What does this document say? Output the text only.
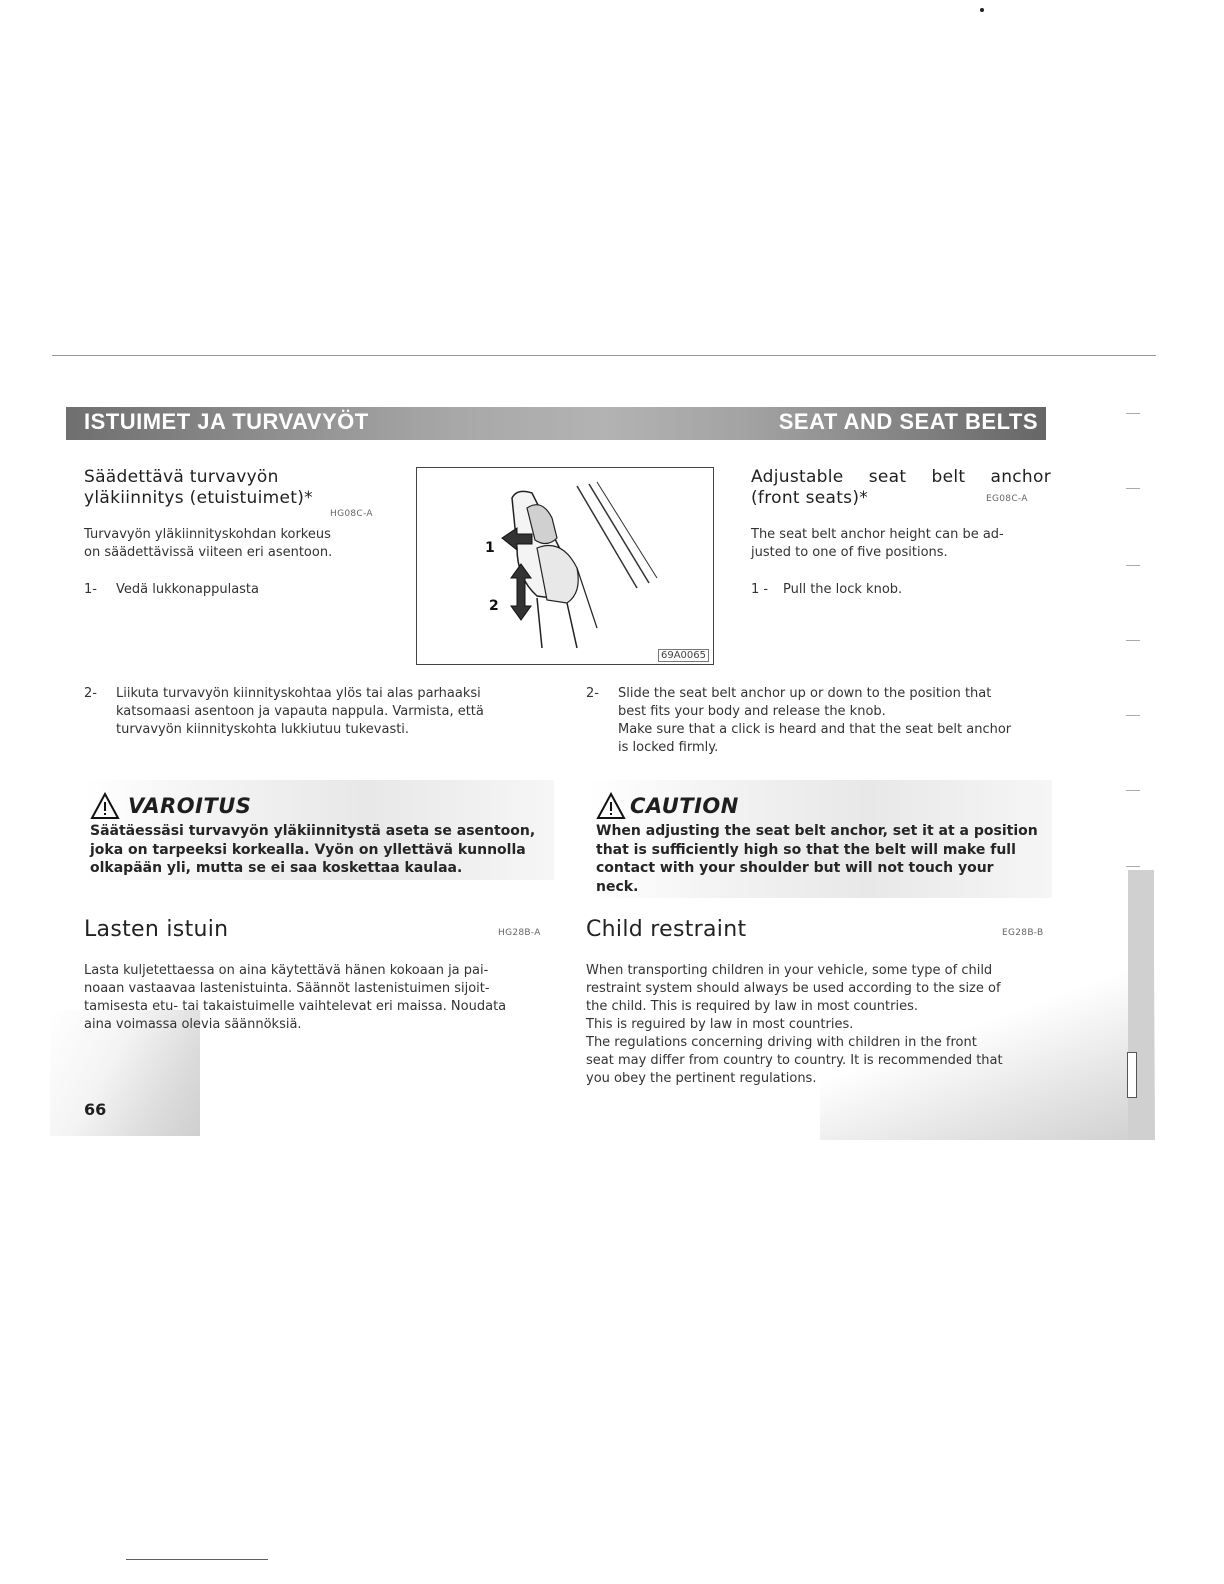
ISTUIMET JA TURVAVYÖT	SEAT AND SEAT BELTS
Säädettävä turvavyön
yläkiinnitys (etuistuimet)*
HG08C-A
Turvavyön yläkiinnityskohdan korkeus
on säädettävissä viiteen eri asentoon.
1- Vedä lukkonappulasta
1
2
69A0065
Adjustable seat belt anchor
(front seats)*	EG08C-A
The seat belt anchor height can be ad-
justed to one of five positions.
1 - Pull the lock knob.
2- Liikuta turvavyön kiinnityskohtaa ylös tai alas parhaaksi
katsomaasi asentoon ja vapauta nappula. Varmista, että
turvavyön kiinnityskohta lukkiutuu tukevasti.
2- Slide the seat belt anchor up or down to the position that
best fits your body and release the knob.
Make sure that a click is heard and that the seat belt anchor
is locked firmly.
VAROITUS
Säätäessäsi turvavyön yläkiinnitystä aseta se asentoon,
joka on tarpeeksi korkealla. Vyön on yllettävä kunnolla
olkapään yli, mutta se ei saa koskettaa kaulaa.
CAUTION
When adjusting the seat belt anchor, set it at a position
that is sufficiently high so that the belt will make full
contact with your shoulder but will not touch your
neck.
Lasten istuin	HG28B-A
Lasta kuljetettaessa on aina käytettävä hänen kokoaan ja pai-
noaan vastaavaa lastenistuinta. Säännöt lastenistuimen sijoit-
tamisesta etu- tai takaistuimelle vaihtelevat eri maissa. Noudata
aina voimassa olevia säännöksiä.
Child restraint	EG28B-B
When transporting children in your vehicle, some type of child
restraint system should always be used according to the size of
the child. This is required by law in most countries.
This is reguired by law in most countries.
The regulations concerning driving with children in the front
seat may differ from country to country. It is recommended that
you obey the pertinent regulations.
66
